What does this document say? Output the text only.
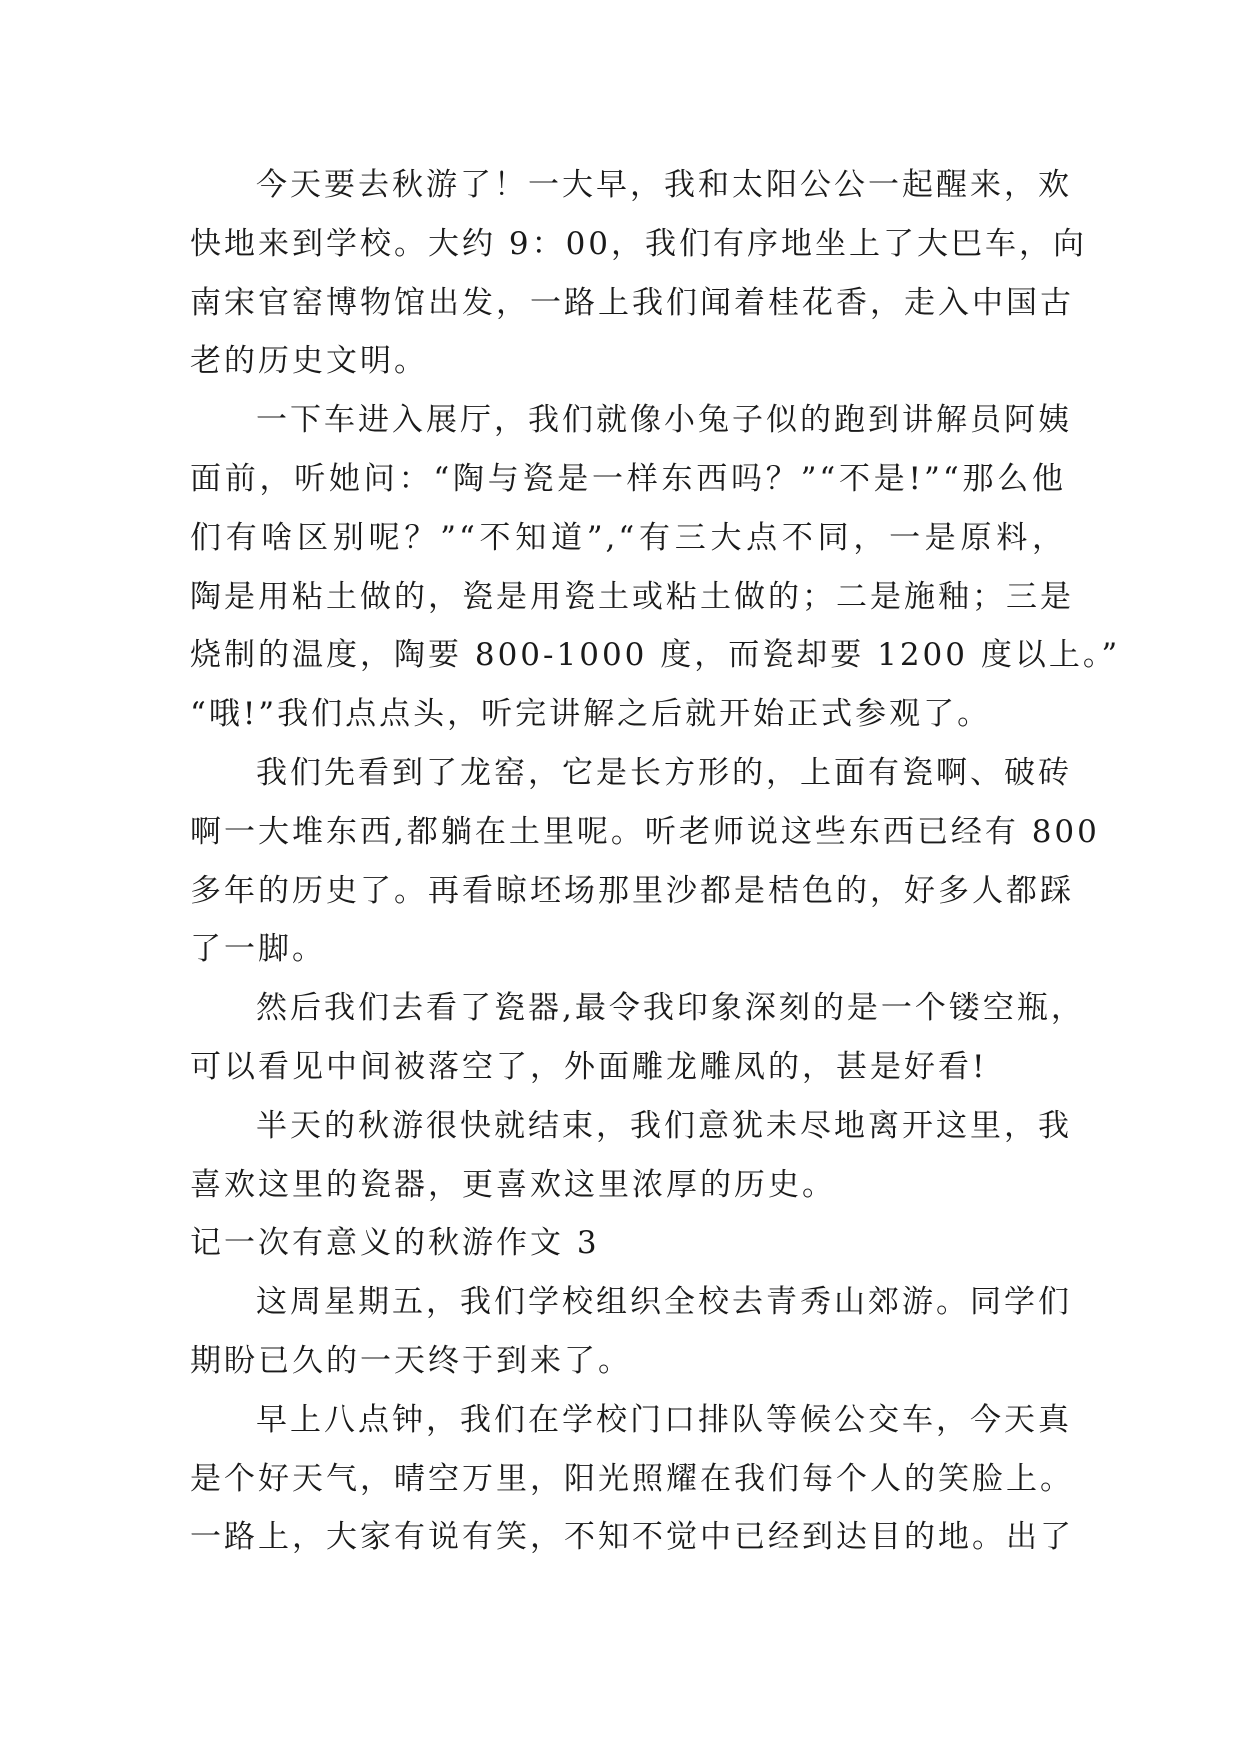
今天要去秋游了！一大早，我和太阳公公一起醒来，欢
快地来到学校。大约 9：00，我们有序地坐上了大巴车，向
南宋官窑博物馆出发，一路上我们闻着桂花香，走入中国古
老的历史文明。
一下车进入展厅，我们就像小兔子似的跑到讲解员阿姨
面前，听她问：“陶与瓷是一样东西吗？”“不是!”“那么他
们有啥区别呢？”“不知道”,“有三大点不同，一是原料，
陶是用粘土做的，瓷是用瓷土或粘土做的；二是施釉；三是
烧制的温度，陶要 800-1000 度，而瓷却要 1200 度以上。”
“哦!”我们点点头，听完讲解之后就开始正式参观了。
我们先看到了龙窑，它是长方形的，上面有瓷啊、破砖
啊一大堆东西,都躺在土里呢。听老师说这些东西已经有 800
多年的历史了。再看晾坯场那里沙都是桔色的，好多人都踩
了一脚。
然后我们去看了瓷器,最令我印象深刻的是一个镂空瓶，
可以看见中间被落空了，外面雕龙雕凤的，甚是好看!
半天的秋游很快就结束，我们意犹未尽地离开这里，我
喜欢这里的瓷器，更喜欢这里浓厚的历史。
记一次有意义的秋游作文 3
这周星期五，我们学校组织全校去青秀山郊游。同学们
期盼已久的一天终于到来了。
早上八点钟，我们在学校门口排队等候公交车，今天真
是个好天气，晴空万里，阳光照耀在我们每个人的笑脸上。
一路上，大家有说有笑，不知不觉中已经到达目的地。出了
